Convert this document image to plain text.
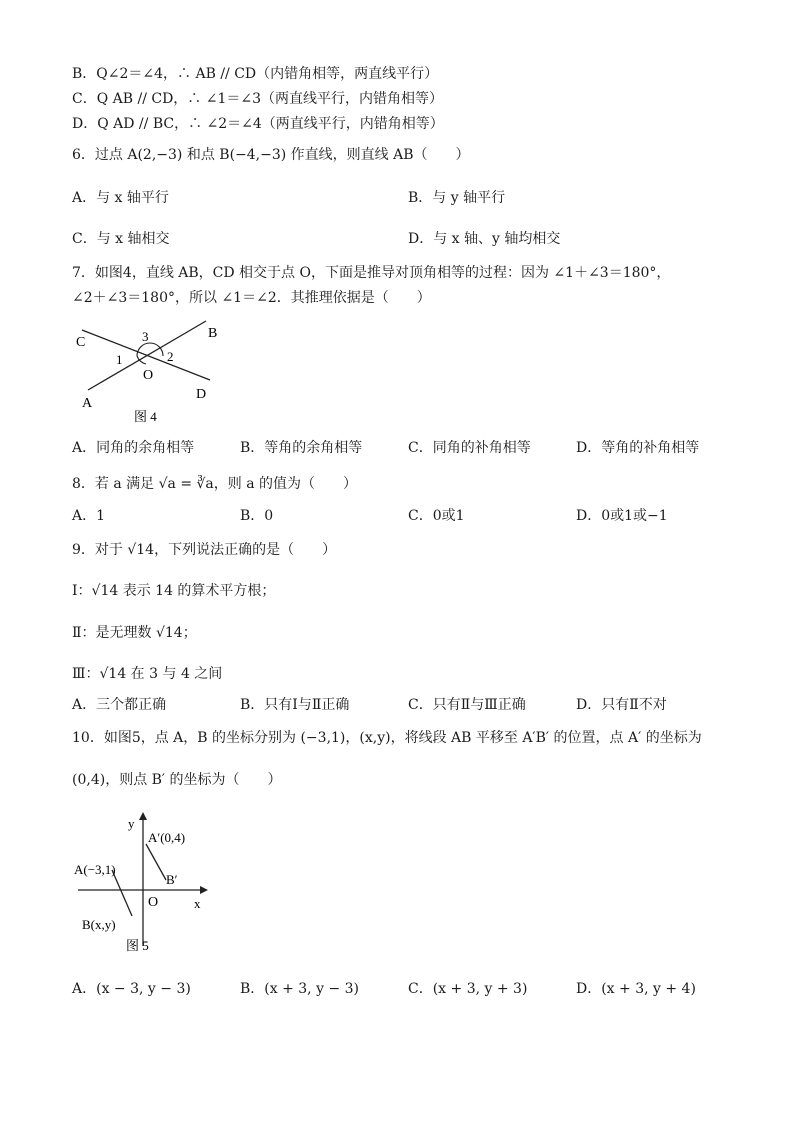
B．Q∠2＝∠4，∴ AB // CD（内错角相等，两直线平行）
C．Q AB // CD，∴ ∠1＝∠3（两直线平行，内错角相等）
D．Q AD // BC，∴ ∠2＝∠4（两直线平行，内错角相等）
6．过点 A(2,−3) 和点 B(−4,−3) 作直线，则直线 AB（　　）
A．与 x 轴平行	B．与 y 轴平行
C．与 x 轴相交	D．与 x 轴、y 轴均相交
7．如图4，直线 AB，CD 相交于点 O，下面是推导对顶角相等的过程：因为 ∠1＋∠3＝180°，
∠2＋∠3＝180°，所以 ∠1＝∠2．其推理依据是（　　）
C	3	B
1	2
O
A
D
图 4
A．同角的余角相等	B．等角的余角相等	C．同角的补角相等	D．等角的补角相等
8．若 a 满足 √a = ∛a，则 a 的值为（　　）
A．1	B．0	C．0或1	D．0或1或−1
9．对于 √14，下列说法正确的是（　　）
Ⅰ：√14 表示 14 的算术平方根；
Ⅱ：是无理数 √14；
Ⅲ：√14 在 3 与 4 之间
A．三个都正确	B．只有Ⅰ与Ⅱ正确	C．只有Ⅱ与Ⅲ正确	D．只有Ⅱ不对
10．如图5，点 A，B 的坐标分别为 (−3,1)，(x,y)，将线段 AB 平移至 A′B′ 的位置，点 A′ 的坐标为
(0,4)，则点 B′ 的坐标为（　　）
y
A′(0,4)
A(−3,1)
B′
O	x
B(x,y)
图 5
A．(x − 3, y − 3)	B．(x + 3, y − 3)	C．(x + 3, y + 3)	D．(x + 3, y + 4)
